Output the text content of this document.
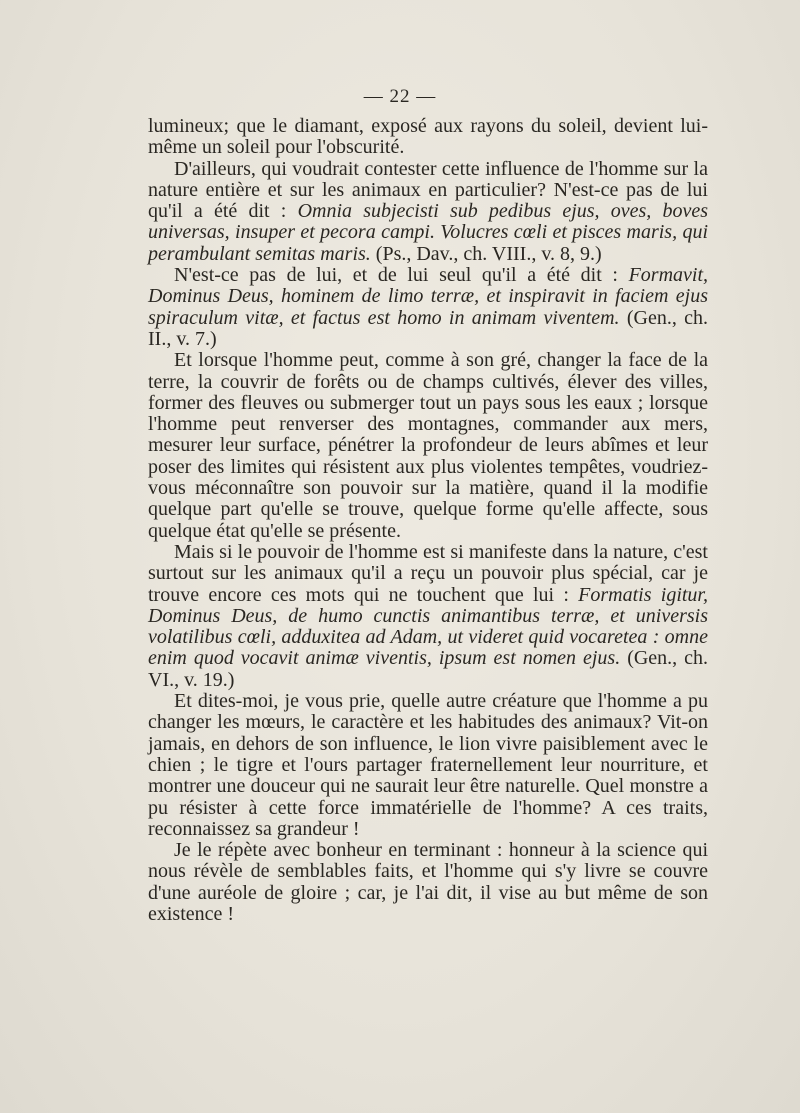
— 22 —

lumineux; que le diamant, exposé aux rayons du soleil, devient lui-même un soleil pour l'obscurité.

D'ailleurs, qui voudrait contester cette influence de l'homme sur la nature entière et sur les animaux en particulier? N'est-ce pas de lui qu'il a été dit : Omnia subjecisti sub pedibus ejus, oves, boves universas, insuper et pecora campi. Volucres cœli et pisces maris, qui perambulant semitas maris. (Ps., Dav., ch. VIII., v. 8, 9.)

N'est-ce pas de lui, et de lui seul qu'il a été dit : Formavit, Dominus Deus, hominem de limo terræ, et inspiravit in faciem ejus spiraculum vitæ, et factus est homo in animam viventem. (Gen., ch. II., v. 7.)

Et lorsque l'homme peut, comme à son gré, changer la face de la terre, la couvrir de forêts ou de champs cultivés, élever des villes, former des fleuves ou submerger tout un pays sous les eaux ; lorsque l'homme peut renverser des montagnes, commander aux mers, mesurer leur surface, pénétrer la profondeur de leurs abîmes et leur poser des limites qui résistent aux plus violentes tempêtes, voudriez-vous méconnaître son pouvoir sur la matière, quand il la modifie quelque part qu'elle se trouve, quelque forme qu'elle affecte, sous quelque état qu'elle se présente.

Mais si le pouvoir de l'homme est si manifeste dans la nature, c'est surtout sur les animaux qu'il a reçu un pouvoir plus spécial, car je trouve encore ces mots qui ne touchent que lui : Formatis igitur, Dominus Deus, de humo cunctis animantibus terræ, et universis volatilibus cœli, adduxitea ad Adam, ut videret quid vocaretea : omne enim quod vocavit animæ viventis, ipsum est nomen ejus. (Gen., ch. VI., v. 19.)

Et dites-moi, je vous prie, quelle autre créature que l'homme a pu changer les mœurs, le caractère et les habitudes des animaux? Vit-on jamais, en dehors de son influence, le lion vivre paisiblement avec le chien ; le tigre et l'ours partager fraternellement leur nourriture, et montrer une douceur qui ne saurait leur être naturelle. Quel monstre a pu résister à cette force immatérielle de l'homme? A ces traits, reconnaissez sa grandeur !

Je le répète avec bonheur en terminant : honneur à la science qui nous révèle de semblables faits, et l'homme qui s'y livre se couvre d'une auréole de gloire ; car, je l'ai dit, il vise au but même de son existence !
